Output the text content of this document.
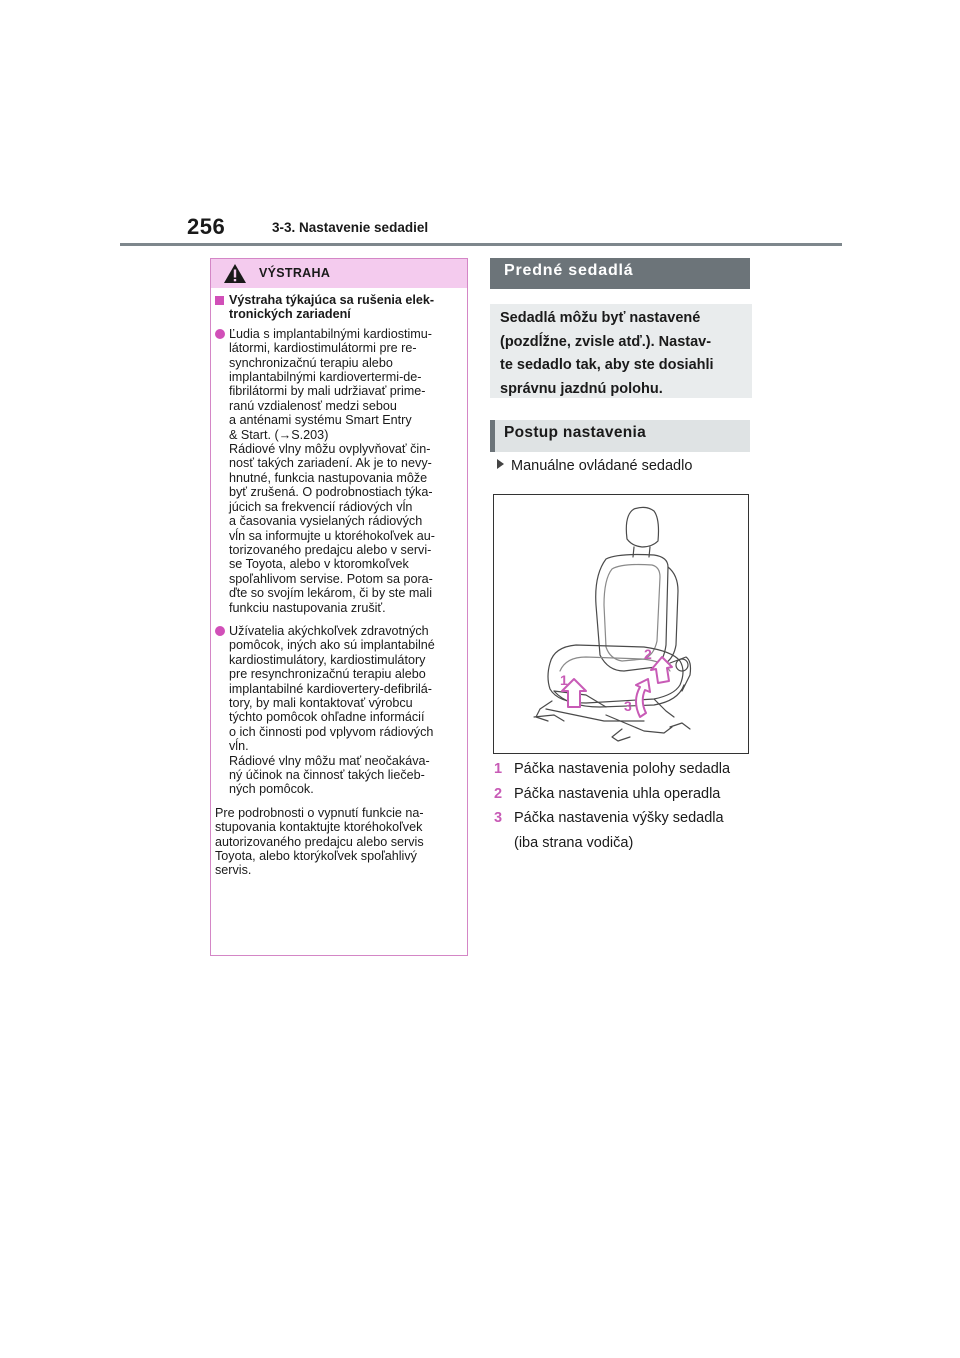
256	3-3. Nastavenie sedadiel
VÝSTRAHA
Výstraha týkajúca sa rušenia elek-
tronických zariadení
Ľudia s implantabilnými kardiostimu-
látormi, kardiostimulátormi pre re-
synchronizačnú terapiu alebo
implantabilnými kardiovertermi-de-
fibrilátormi by mali udržiavať prime-
ranú vzdialenosť medzi sebou
a anténami systému Smart Entry
& Start. (→S.203)
Rádiové vlny môžu ovplyvňovať čin-
nosť takých zariadení. Ak je to nevy-
hnutné, funkcia nastupovania môže
byť zrušená. O podrobnostiach týka-
júcich sa frekvencií rádiových vĺn
a časovania vysielaných rádiových
vĺn sa informujte u ktoréhokoľvek au-
torizovaného predajcu alebo v servi-
se Toyota, alebo v ktoromkoľvek
spoľahlivom servise. Potom sa pora-
ďte so svojím lekárom, či by ste mali
funkciu nastupovania zrušiť.
Užívatelia akýchkoľvek zdravotných
pomôcok, iných ako sú implantabilné
kardiostimulátory, kardiostimulátory
pre resynchronizačnú terapiu alebo
implantabilné kardiovertery-defibrilá-
tory, by mali kontaktovať výrobcu
týchto pomôcok ohľadne informácií
o ich činnosti pod vplyvom rádiových
vĺn.
Rádiové vlny môžu mať neočakáva-
ný účinok na činnosť takých liečeb-
ných pomôcok.
Pre podrobnosti o vypnutí funkcie na-
stupovania kontaktujte ktoréhokoľvek
autorizovaného predajcu alebo servis
Toyota, alebo ktorýkoľvek spoľahlivý
servis.
Predné sedadlá
Sedadlá môžu byť nastavené
(pozdĺžne, zvisle atď.). Nastav-
te sedadlo tak, aby ste dosiahli
správnu jazdnú polohu.
Postup nastavenia
Manuálne ovládané sedadlo
1
2
3
1 Páčka nastavenia polohy sedadla
2 Páčka nastavenia uhla operadla
3 Páčka nastavenia výšky sedadla
(iba strana vodiča)
